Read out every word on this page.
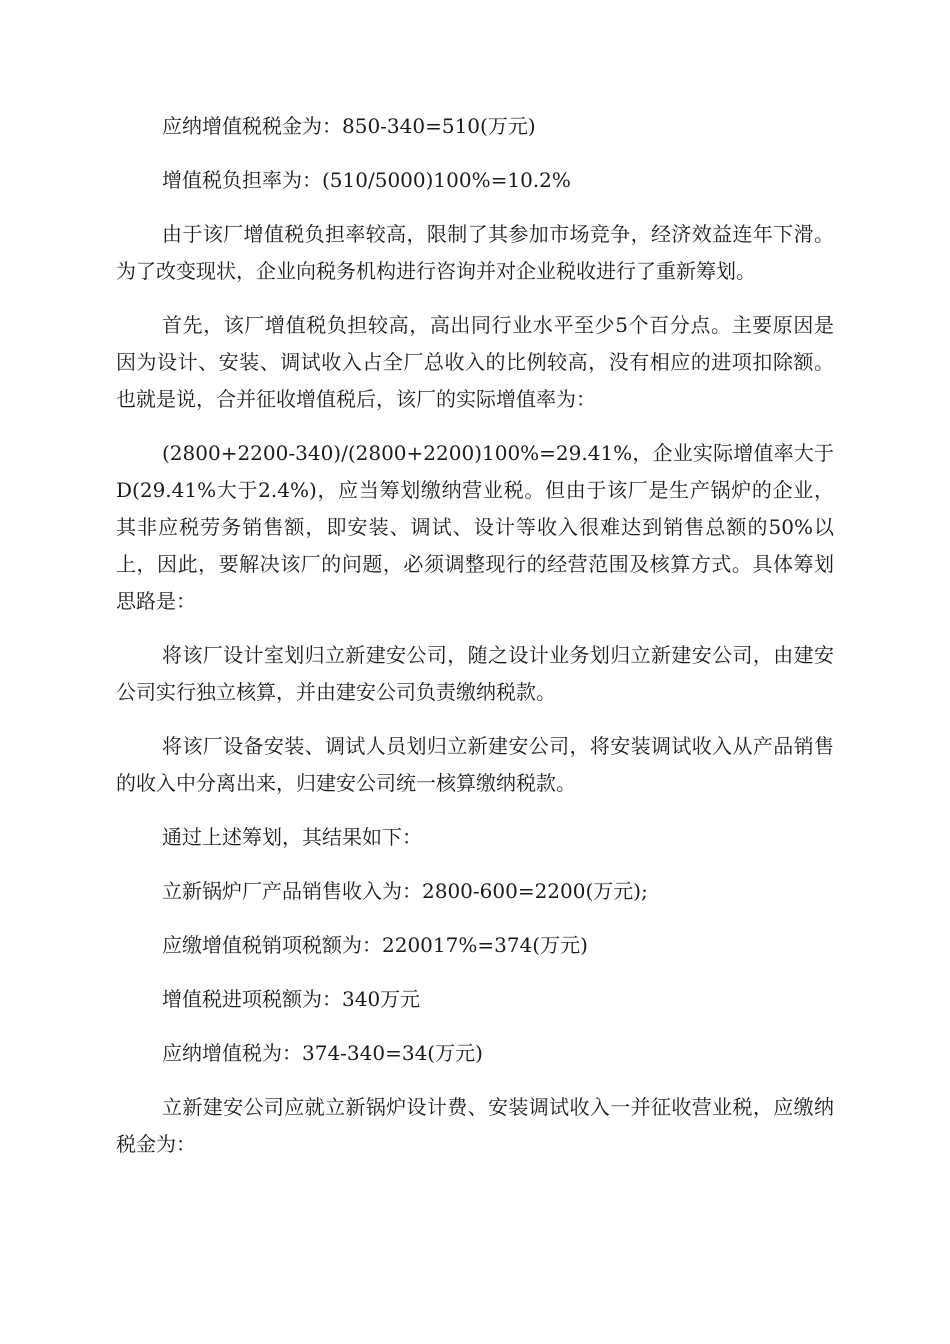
应纳增值税税金为：850-340=510(万元)

增值税负担率为：(510/5000)100%=10.2%

由于该厂增值税负担率较高，限制了其参加市场竞争，经济效益连年下滑。为了改变现状，企业向税务机构进行咨询并对企业税收进行了重新筹划。

首先，该厂增值税负担较高，高出同行业水平至少5个百分点。主要原因是因为设计、安装、调试收入占全厂总收入的比例较高，没有相应的进项扣除额。也就是说，合并征收增值税后，该厂的实际增值率为：

(2800+2200-340)/(2800+2200)100%=29.41%，企业实际增值率大于D(29.41%大于2.4%)，应当筹划缴纳营业税。但由于该厂是生产锅炉的企业，其非应税劳务销售额，即安装、调试、设计等收入很难达到销售总额的50%以上，因此，要解决该厂的问题，必须调整现行的经营范围及核算方式。具体筹划思路是：

将该厂设计室划归立新建安公司，随之设计业务划归立新建安公司，由建安公司实行独立核算，并由建安公司负责缴纳税款。

将该厂设备安装、调试人员划归立新建安公司，将安装调试收入从产品销售的收入中分离出来，归建安公司统一核算缴纳税款。

通过上述筹划，其结果如下：

立新锅炉厂产品销售收入为：2800-600=2200(万元);

应缴增值税销项税额为：220017%=374(万元)

增值税进项税额为：340万元

应纳增值税为：374-340=34(万元)

立新建安公司应就立新锅炉设计费、安装调试收入一并征收营业税，应缴纳税金为：
